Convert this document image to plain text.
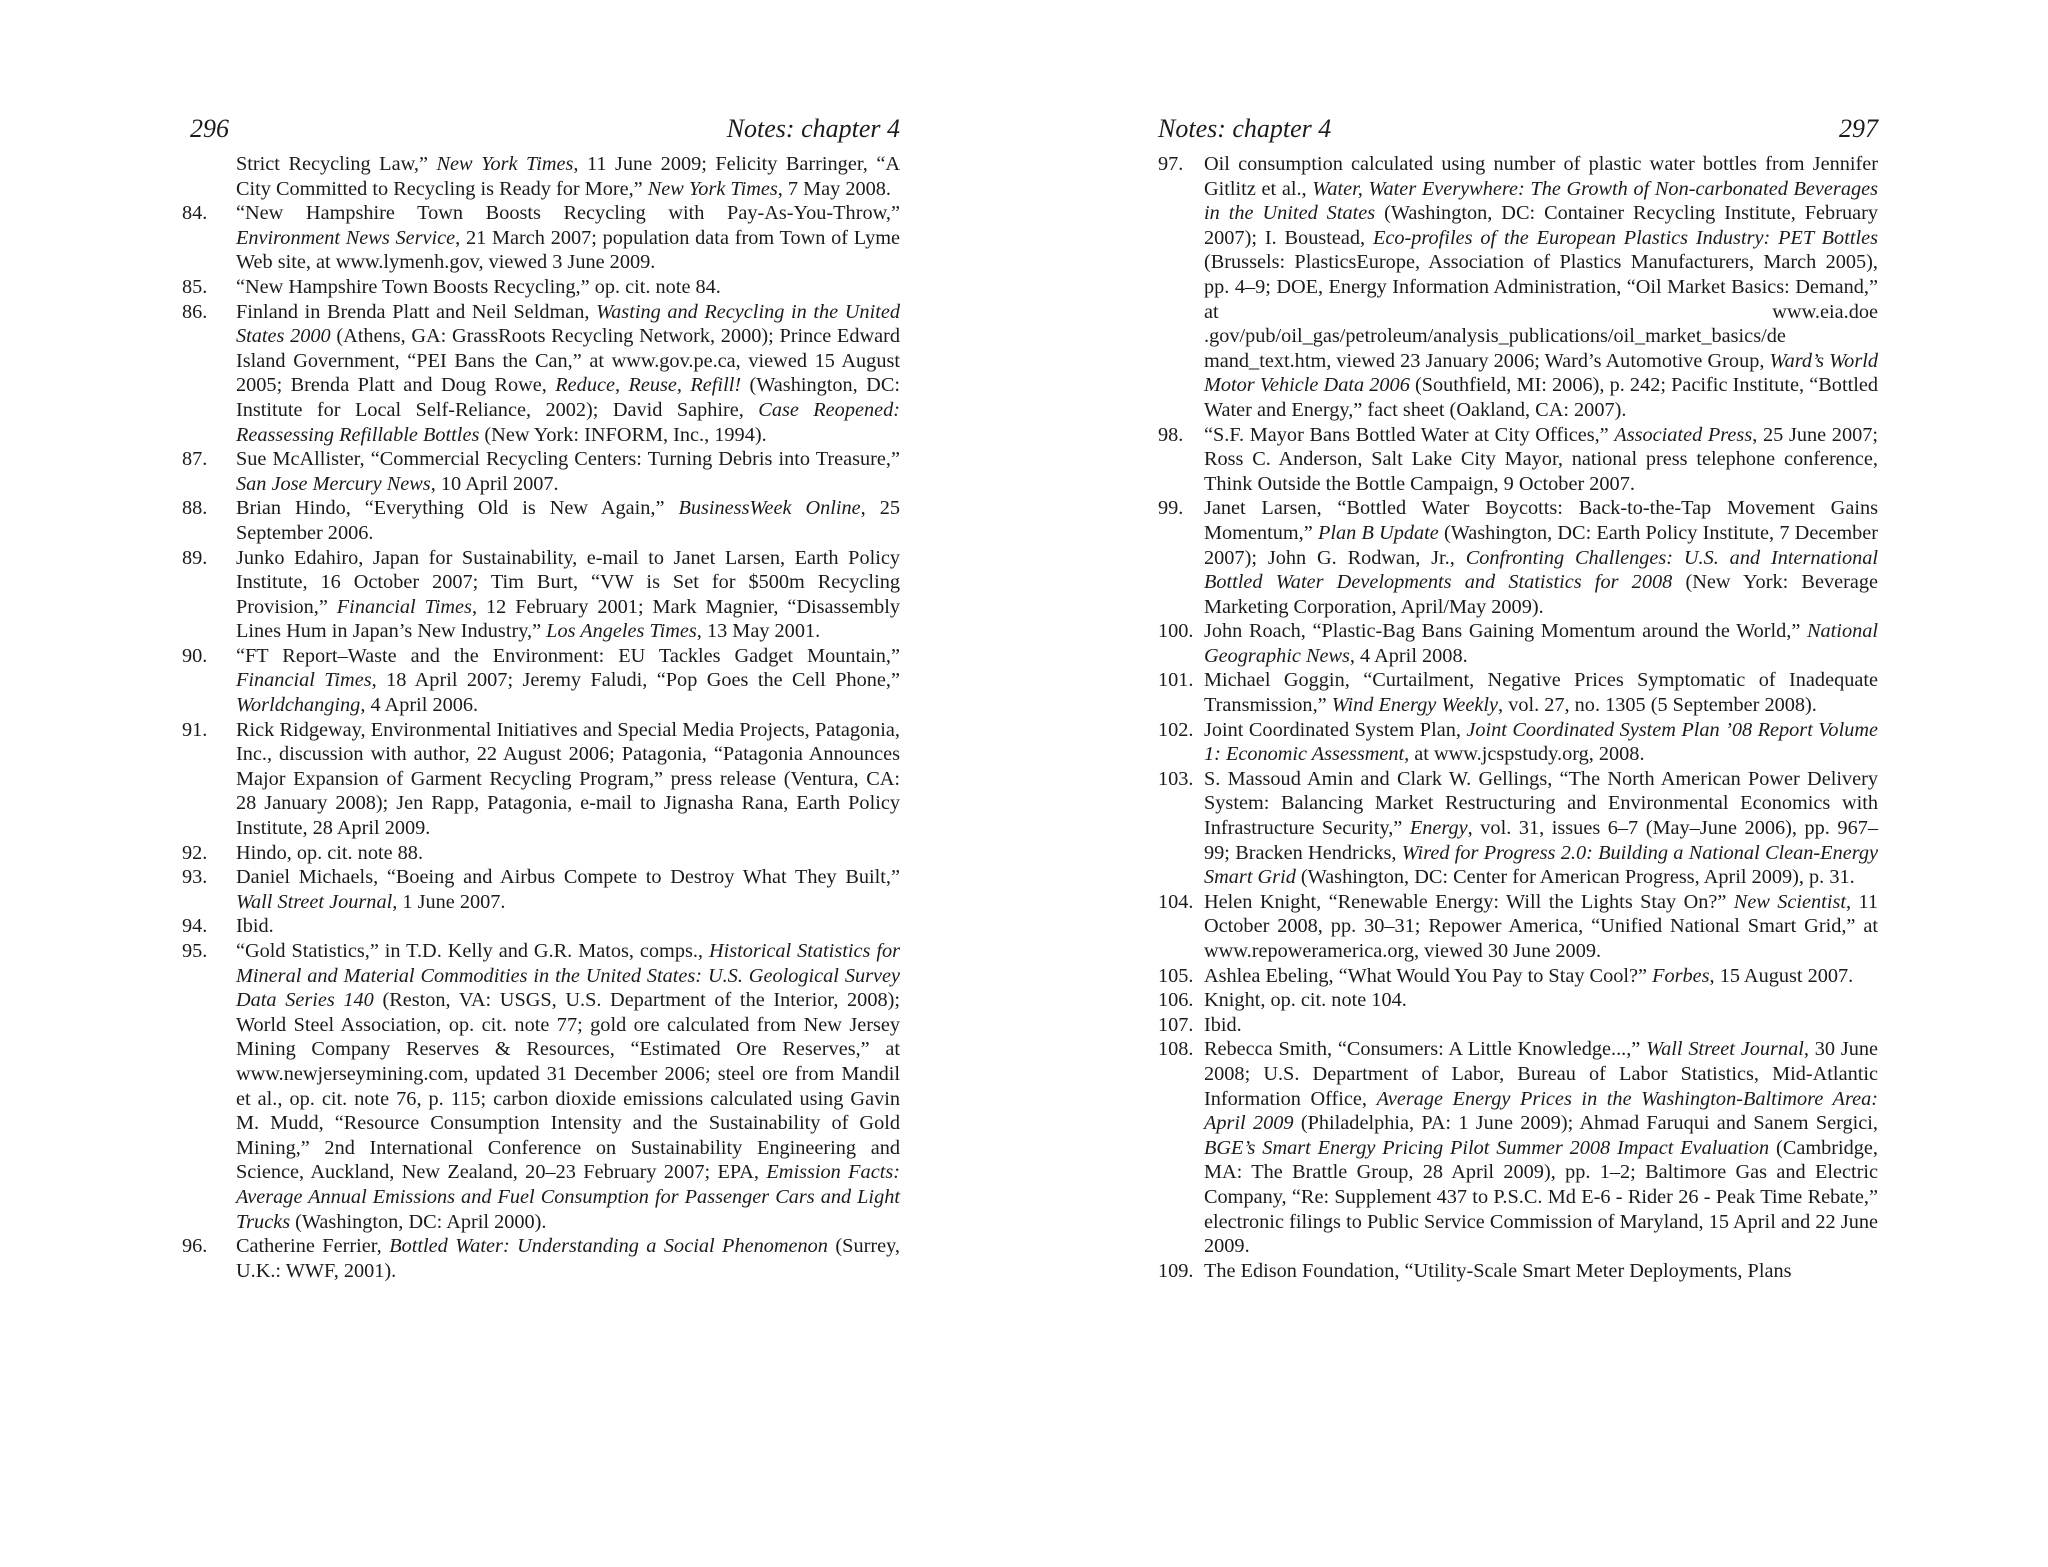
296	Notes: chapter 4
Strict Recycling Law,” New York Times, 11 June 2009; Felicity Barringer, “A City Committed to Recycling is Ready for More,” New York Times, 7 May 2008.
84.	“New Hampshire Town Boosts Recycling with Pay-As-You-Throw,” Environment News Service, 21 March 2007; population data from Town of Lyme Web site, at www.lymenh.gov, viewed 3 June 2009.
85.	“New Hampshire Town Boosts Recycling,” op. cit. note 84.
86.	Finland in Brenda Platt and Neil Seldman, Wasting and Recycling in the United States 2000 (Athens, GA: GrassRoots Recycling Network, 2000); Prince Edward Island Government, “PEI Bans the Can,” at www.gov.pe.ca, viewed 15 August 2005; Brenda Platt and Doug Rowe, Reduce, Reuse, Refill! (Washington, DC: Institute for Local Self-Reliance, 2002); David Saphire, Case Reopened: Reassessing Refillable Bottles (New York: INFORM, Inc., 1994).
87.	Sue McAllister, “Commercial Recycling Centers: Turning Debris into Treasure,” San Jose Mercury News, 10 April 2007.
88.	Brian Hindo, “Everything Old is New Again,” BusinessWeek Online, 25 September 2006.
89.	Junko Edahiro, Japan for Sustainability, e-mail to Janet Larsen, Earth Policy Institute, 16 October 2007; Tim Burt, “VW is Set for $500m Recycling Provision,” Financial Times, 12 February 2001; Mark Magnier, “Disassembly Lines Hum in Japan’s New Industry,” Los Angeles Times, 13 May 2001.
90.	“FT Report–Waste and the Environment: EU Tackles Gadget Mountain,” Financial Times, 18 April 2007; Jeremy Faludi, “Pop Goes the Cell Phone,” Worldchanging, 4 April 2006.
91.	Rick Ridgeway, Environmental Initiatives and Special Media Projects, Patagonia, Inc., discussion with author, 22 August 2006; Patagonia, “Patagonia Announces Major Expansion of Garment Recycling Program,” press release (Ventura, CA: 28 January 2008); Jen Rapp, Patagonia, e-mail to Jignasha Rana, Earth Policy Institute, 28 April 2009.
92.	Hindo, op. cit. note 88.
93.	Daniel Michaels, “Boeing and Airbus Compete to Destroy What They Built,” Wall Street Journal, 1 June 2007.
94.	Ibid.
95.	“Gold Statistics,” in T.D. Kelly and G.R. Matos, comps., Historical Statistics for Mineral and Material Commodities in the United States: U.S. Geological Survey Data Series 140 (Reston, VA: USGS, U.S. Department of the Interior, 2008); World Steel Association, op. cit. note 77; gold ore calculated from New Jersey Mining Company Reserves & Resources, “Estimated Ore Reserves,” at www.newjerseymining.com, updated 31 December 2006; steel ore from Mandil et al., op. cit. note 76, p. 115; carbon dioxide emissions calculated using Gavin M. Mudd, “Resource Consumption Intensity and the Sustainability of Gold Mining,” 2nd International Conference on Sustainability Engineering and Science, Auckland, New Zealand, 20–23 February 2007; EPA, Emission Facts: Average Annual Emissions and Fuel Consumption for Passenger Cars and Light Trucks (Washington, DC: April 2000).
96.	Catherine Ferrier, Bottled Water: Understanding a Social Phenomenon (Surrey, U.K.: WWF, 2001).
Notes: chapter 4	297
97.	Oil consumption calculated using number of plastic water bottles from Jennifer Gitlitz et al., Water, Water Everywhere: The Growth of Non-carbonated Beverages in the United States (Washington, DC: Container Recycling Institute, February 2007); I. Boustead, Eco-profiles of the European Plastics Industry: PET Bottles (Brussels: PlasticsEurope, Association of Plastics Manufacturers, March 2005), pp. 4–9; DOE, Energy Information Administration, “Oil Market Basics: Demand,” at www.eia.doe .gov/pub/oil_gas/petroleum/analysis_publications/oil_market_basics/de mand_text.htm, viewed 23 January 2006; Ward’s Automotive Group, Ward’s World Motor Vehicle Data 2006 (Southfield, MI: 2006), p. 242; Pacific Institute, “Bottled Water and Energy,” fact sheet (Oakland, CA: 2007).
98.	“S.F. Mayor Bans Bottled Water at City Offices,” Associated Press, 25 June 2007; Ross C. Anderson, Salt Lake City Mayor, national press telephone conference, Think Outside the Bottle Campaign, 9 October 2007.
99.	Janet Larsen, “Bottled Water Boycotts: Back-to-the-Tap Movement Gains Momentum,” Plan B Update (Washington, DC: Earth Policy Institute, 7 December 2007); John G. Rodwan, Jr., Confronting Challenges: U.S. and International Bottled Water Developments and Statistics for 2008 (New York: Beverage Marketing Corporation, April/May 2009).
100. John Roach, “Plastic-Bag Bans Gaining Momentum around the World,” National Geographic News, 4 April 2008.
101. Michael Goggin, “Curtailment, Negative Prices Symptomatic of Inadequate Transmission,” Wind Energy Weekly, vol. 27, no. 1305 (5 September 2008).
102. Joint Coordinated System Plan, Joint Coordinated System Plan ’08 Report Volume 1: Economic Assessment, at www.jcspstudy.org, 2008.
103. S. Massoud Amin and Clark W. Gellings, “The North American Power Delivery System: Balancing Market Restructuring and Environmental Economics with Infrastructure Security,” Energy, vol. 31, issues 6–7 (May–June 2006), pp. 967–99; Bracken Hendricks, Wired for Progress 2.0: Building a National Clean-Energy Smart Grid (Washington, DC: Center for American Progress, April 2009), p. 31.
104. Helen Knight, “Renewable Energy: Will the Lights Stay On?” New Scientist, 11 October 2008, pp. 30–31; Repower America, “Unified National Smart Grid,” at www.repoweramerica.org, viewed 30 June 2009.
105. Ashlea Ebeling, “What Would You Pay to Stay Cool?” Forbes, 15 August 2007.
106. Knight, op. cit. note 104.
107. Ibid.
108. Rebecca Smith, “Consumers: A Little Knowledge...,” Wall Street Journal, 30 June 2008; U.S. Department of Labor, Bureau of Labor Statistics, Mid-Atlantic Information Office, Average Energy Prices in the Washington-Baltimore Area: April 2009 (Philadelphia, PA: 1 June 2009); Ahmad Faruqui and Sanem Sergici, BGE’s Smart Energy Pricing Pilot Summer 2008 Impact Evaluation (Cambridge, MA: The Brattle Group, 28 April 2009), pp. 1–2; Baltimore Gas and Electric Company, “Re: Supplement 437 to P.S.C. Md E-6 - Rider 26 - Peak Time Rebate,” electronic filings to Public Service Commission of Maryland, 15 April and 22 June 2009.
109. The Edison Foundation, “Utility-Scale Smart Meter Deployments, Plans
